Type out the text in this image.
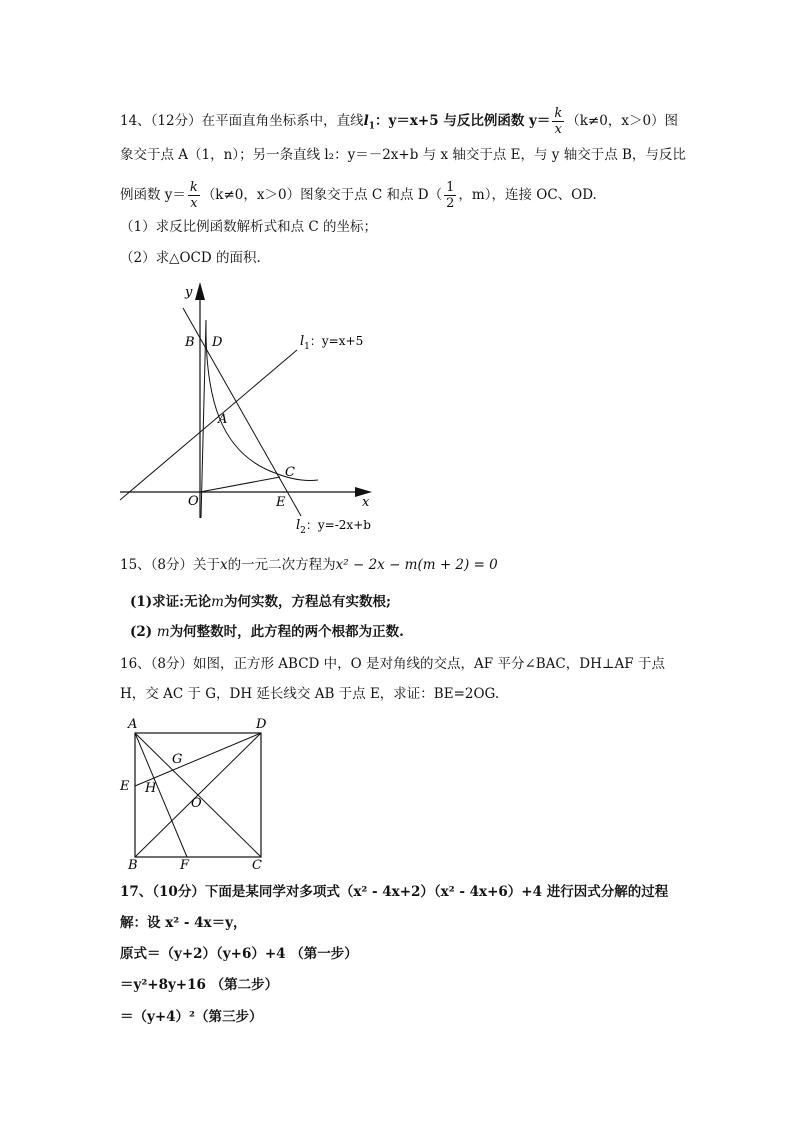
14、（12分）在平面直角坐标系中，直线$l_1$：y＝x+5 与反比例函数 $y= \frac{k}{x} (k\ne 0$，x＞0）图
象交于点 A（1，n）；另一条直线 l₂：y＝－2x+b 与 x 轴交于点 E，与 y 轴交于点 B，与反比
例函数 $y= \frac{k}{x} (k\ne 0$，x＞0）图象交于点 C 和点 $D( \frac{1}{2}$ ，m），连接 OC、OD.
（1）求反比例函数解析式和点 C 的坐标；
（2）求△OCD 的面积.
y
B D
A
C
O	E	x
$l_1$：y=x+5
$l_2$：y=-2x+b
15、（8分）关于x的一元二次方程为x² − 2x − m(m + 2) = 0
(1)求证:无论m为何实数，方程总有实数根;
(2) m为何整数时，此方程的两个根都为正数.
16、（8分）如图，正方形 ABCD 中，O 是对角线的交点，AF 平分∠BAC，DH⊥AF 于点
H，交 AC 于 G，DH 延长线交 AB 于点 E，求证：BE=2OG.
A	D
G
E H
O
B	F	C
17、（10分）下面是某同学对多项式（x² - 4x+2）（x² - 4x+6）+4 进行因式分解的过程
解：设 x² - 4x＝y，
原式＝（y+2）（y+6）+4 （第一步）
＝y²+8y+16 （第二步）
＝（y+4）²（第三步）
